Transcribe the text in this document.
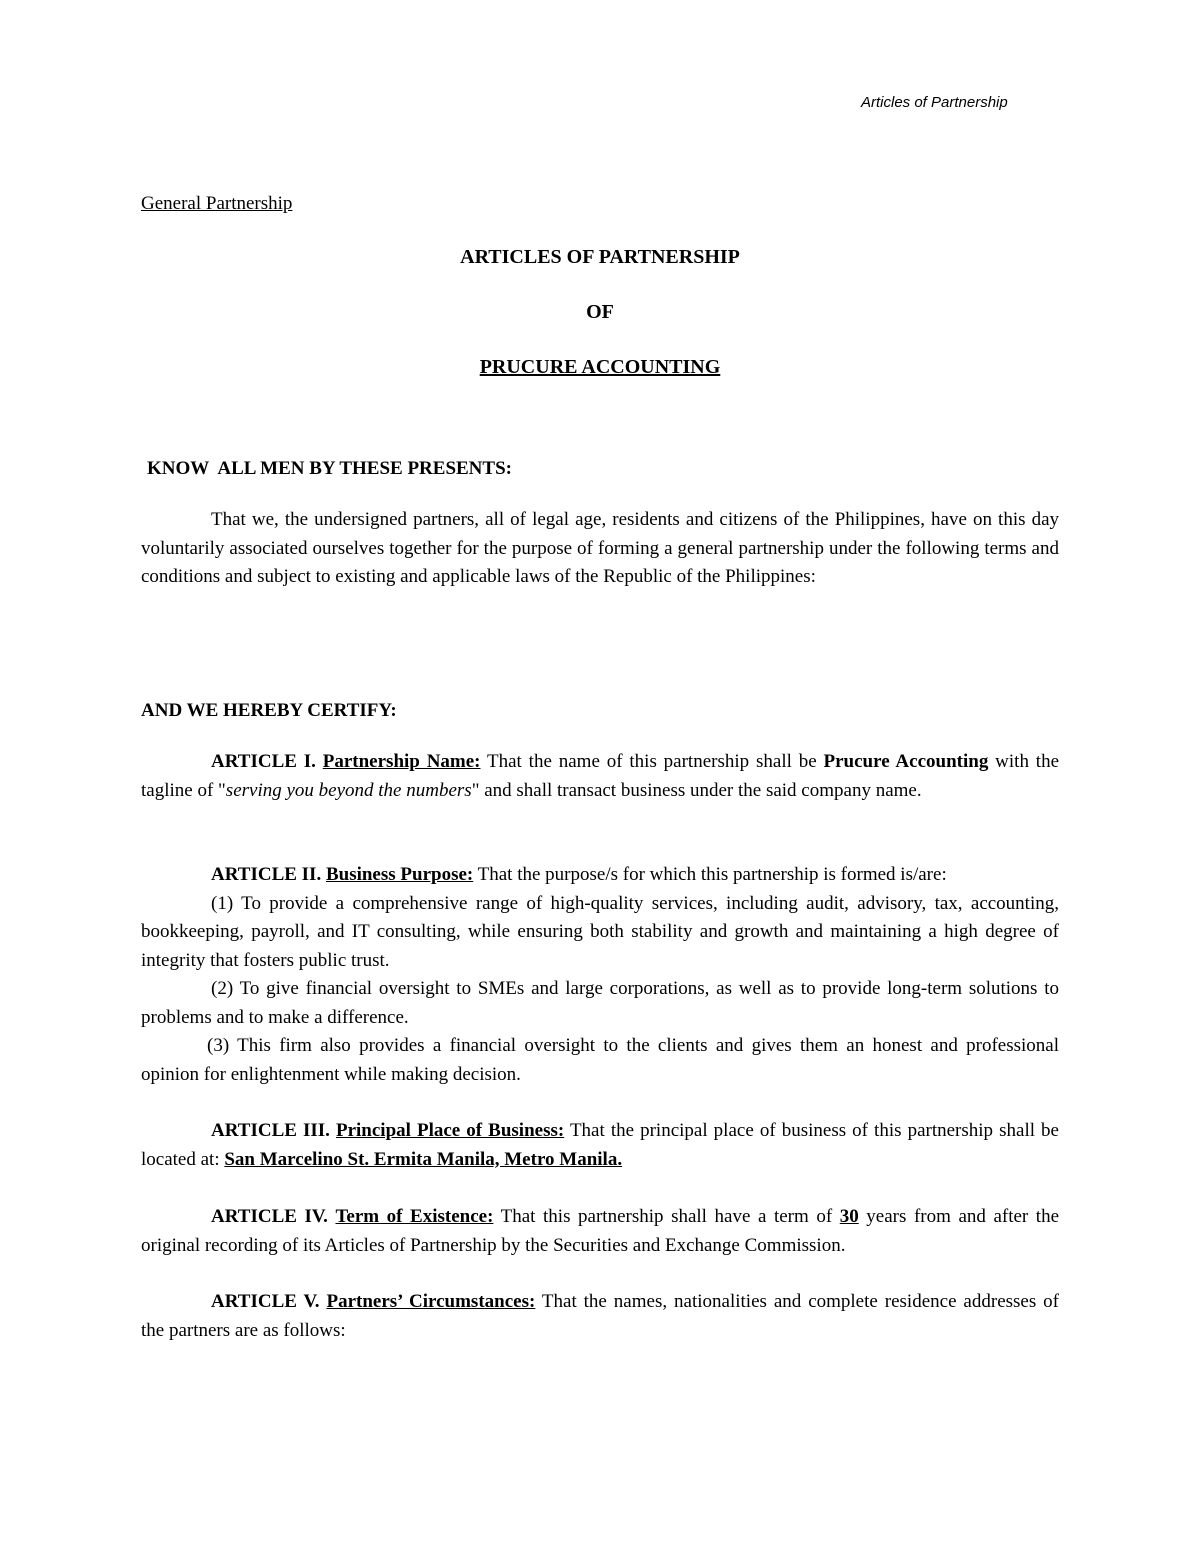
Articles of Partnership
General Partnership
ARTICLES OF PARTNERSHIP
OF
PRUCURE ACCOUNTING
KNOW  ALL MEN BY THESE PRESENTS:

That we, the undersigned partners, all of legal age, residents and citizens of the Philippines, have on this day voluntarily associated ourselves together for the purpose of forming a general partnership under the following terms and conditions and subject to existing and applicable laws of the Republic of the Philippines:

AND WE HEREBY CERTIFY:

ARTICLE I. Partnership Name: That the name of this partnership shall be Prucure Accounting with the tagline of "serving you beyond the numbers" and shall transact business under the said company name.

ARTICLE II. Business Purpose: That the purpose/s for which this partnership is formed is/are:

(1) To provide a comprehensive range of high-quality services, including audit, advisory, tax, accounting, bookkeeping, payroll, and IT consulting, while ensuring both stability and growth and maintaining a high degree of integrity that fosters public trust.

(2) To give financial oversight to SMEs and large corporations, as well as to provide long-term solutions to problems and to make a difference.

(3) This firm also provides a financial oversight to the clients and gives them an honest and professional opinion for enlightenment while making decision.

ARTICLE III. Principal Place of Business: That the principal place of business of this partnership shall be located at: San Marcelino St. Ermita Manila, Metro Manila.

ARTICLE IV. Term of Existence: That this partnership shall have a term of 30 years from and after the original recording of its Articles of Partnership by the Securities and Exchange Commission.

ARTICLE V. Partners’ Circumstances: That the names, nationalities and complete residence addresses of the partners are as follows:
